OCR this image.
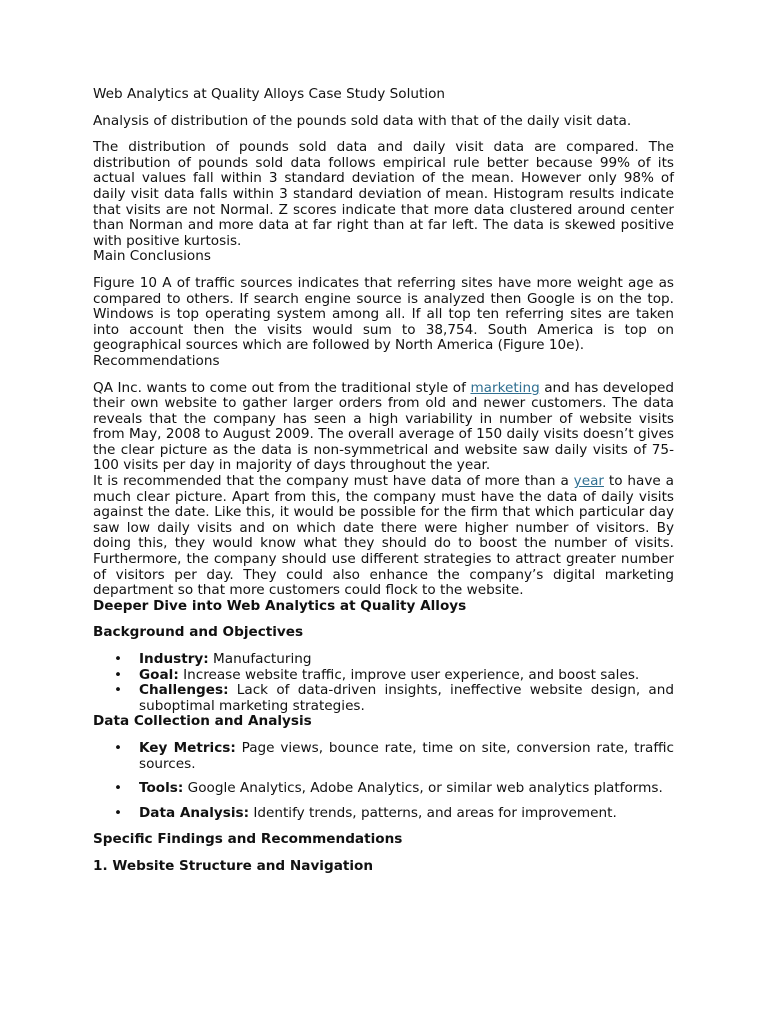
Web Analytics at Quality Alloys Case Study Solution

Analysis of distribution of the pounds sold data with that of the daily visit data.

The distribution of pounds sold data and daily visit data are compared. The distribution of pounds sold data follows empirical rule better because 99% of its actual values fall within 3 standard deviation of the mean. However only 98% of daily visit data falls within 3 standard deviation of mean. Histogram results indicate that visits are not Normal. Z scores indicate that more data clustered around center than Norman and more data at far right than at far left. The data is skewed positive with positive kurtosis.

Main Conclusions

Figure 10 A of traffic sources indicates that referring sites have more weight age as compared to others. If search engine source is analyzed then Google is on the top. Windows is top operating system among all. If all top ten referring sites are taken into account then the visits would sum to 38,754. South America is top on geographical sources which are followed by North America (Figure 10e).

Recommendations

QA Inc. wants to come out from the traditional style of marketing and has developed their own website to gather larger orders from old and newer customers. The data reveals that the company has seen a high variability in number of website visits from May, 2008 to August 2009. The overall average of 150 daily visits doesn’t gives the clear picture as the data is non-symmetrical and website saw daily visits of 75-100 visits per day in majority of days throughout the year.

It is recommended that the company must have data of more than a year to have a much clear picture. Apart from this, the company must have the data of daily visits against the date. Like this, it would be possible for the firm that which particular day saw low daily visits and on which date there were higher number of visitors. By doing this, they would know what they should do to boost the number of visits. Furthermore, the company should use different strategies to attract greater number of visitors per day. They could also enhance the company’s digital marketing department so that more customers could flock to the website.

Deeper Dive into Web Analytics at Quality Alloys

Background and Objectives

• Industry: Manufacturing
• Goal: Increase website traffic, improve user experience, and boost sales.
• Challenges: Lack of data-driven insights, ineffective website design, and suboptimal marketing strategies.

Data Collection and Analysis

• Key Metrics: Page views, bounce rate, time on site, conversion rate, traffic sources.
• Tools: Google Analytics, Adobe Analytics, or similar web analytics platforms.
• Data Analysis: Identify trends, patterns, and areas for improvement.

Specific Findings and Recommendations

1. Website Structure and Navigation
